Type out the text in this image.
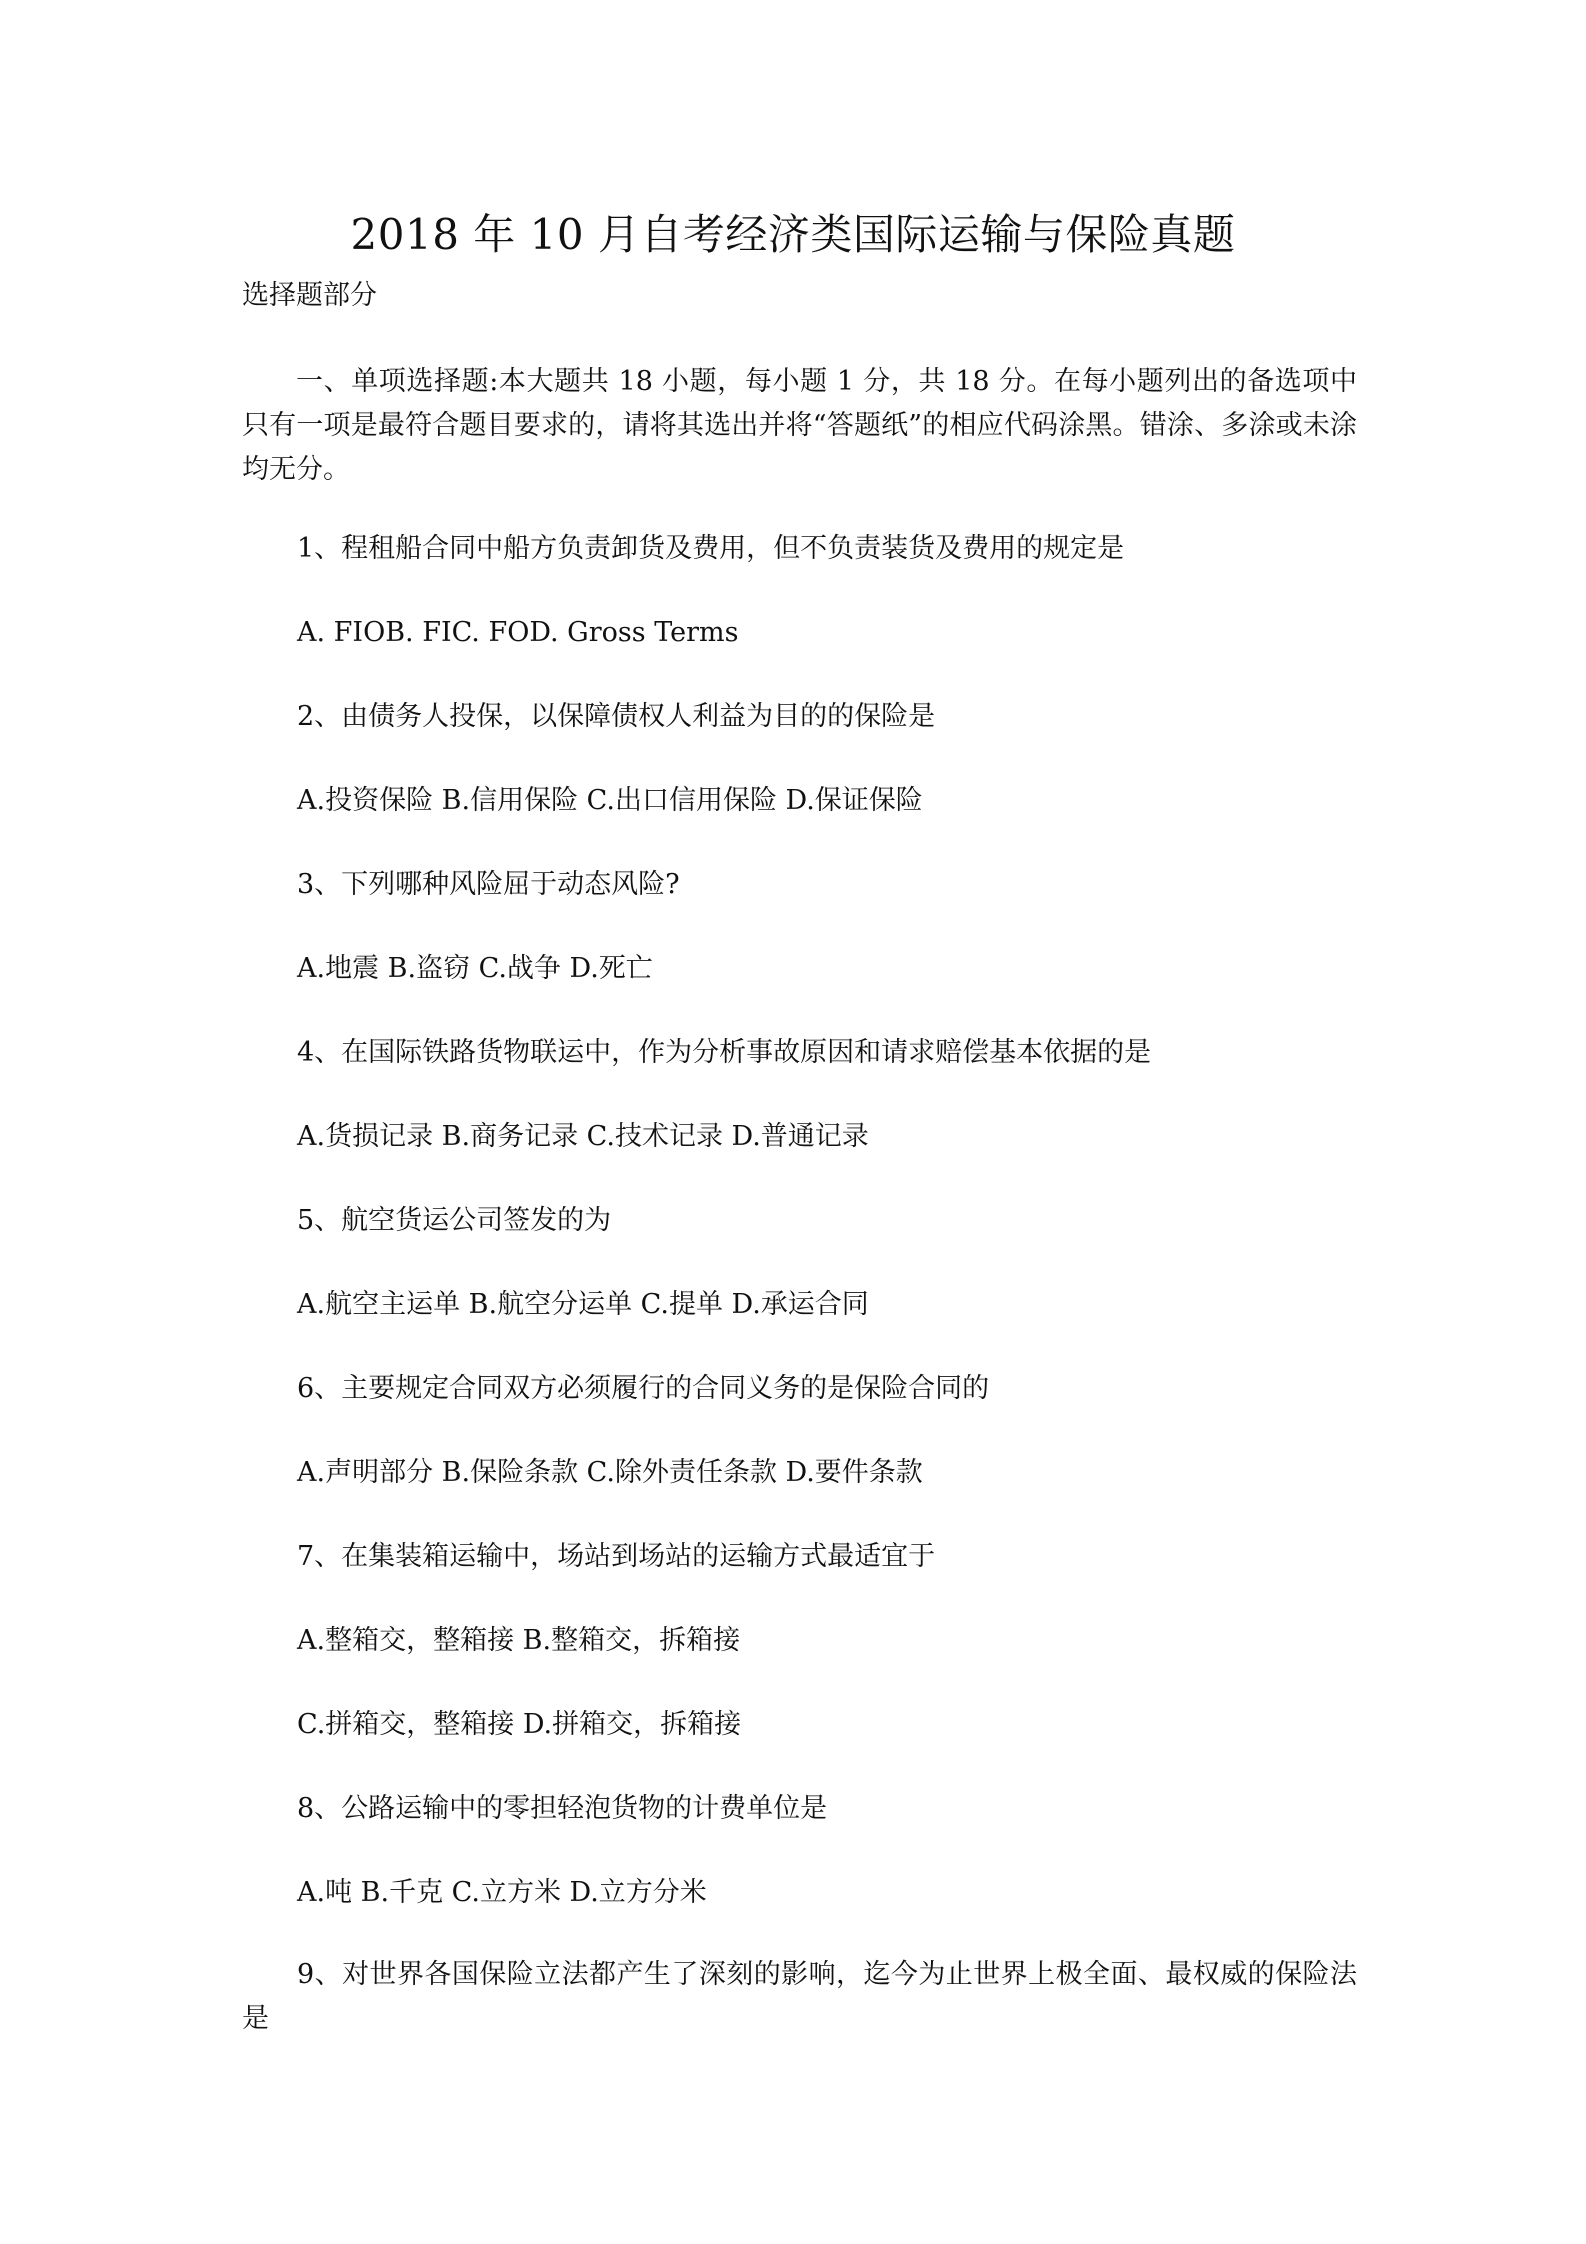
2018 年 10 月自考经济类国际运输与保险真题
选择题部分
一、单项选择题:本大题共 18 小题，每小题 1 分，共 18 分。在每小题列出的备选项中只有一项是最符合题目要求的，请将其选出并将“答题纸”的相应代码涂黑。错涂、多涂或未涂均无分。
1、程租船合同中船方负责卸货及费用，但不负责装货及费用的规定是
A. FIOB. FIC. FOD. Gross Terms
2、由债务人投保，以保障债权人利益为目的的保险是
A.投资保险 B.信用保险 C.出口信用保险 D.保证保险
3、下列哪种风险屈于动态风险?
A.地震 B.盗窃 C.战争 D.死亡
4、在国际铁路货物联运中，作为分析事故原因和请求赔偿基本依据的是
A.货损记录 B.商务记录 C.技术记录 D.普通记录
5、航空货运公司签发的为
A.航空主运单 B.航空分运单 C.提单 D.承运合同
6、主要规定合同双方必须履行的合同义务的是保险合同的
A.声明部分 B.保险条款 C.除外责任条款 D.要件条款
7、在集装箱运输中，场站到场站的运输方式最适宜于
A.整箱交，整箱接 B.整箱交，拆箱接
C.拼箱交，整箱接 D.拼箱交，拆箱接
8、公路运输中的零担轻泡货物的计费单位是
A.吨 B.千克 C.立方米 D.立方分米
9、对世界各国保险立法都产生了深刻的影响，迄今为止世界上极全面、最权威的保险法是
